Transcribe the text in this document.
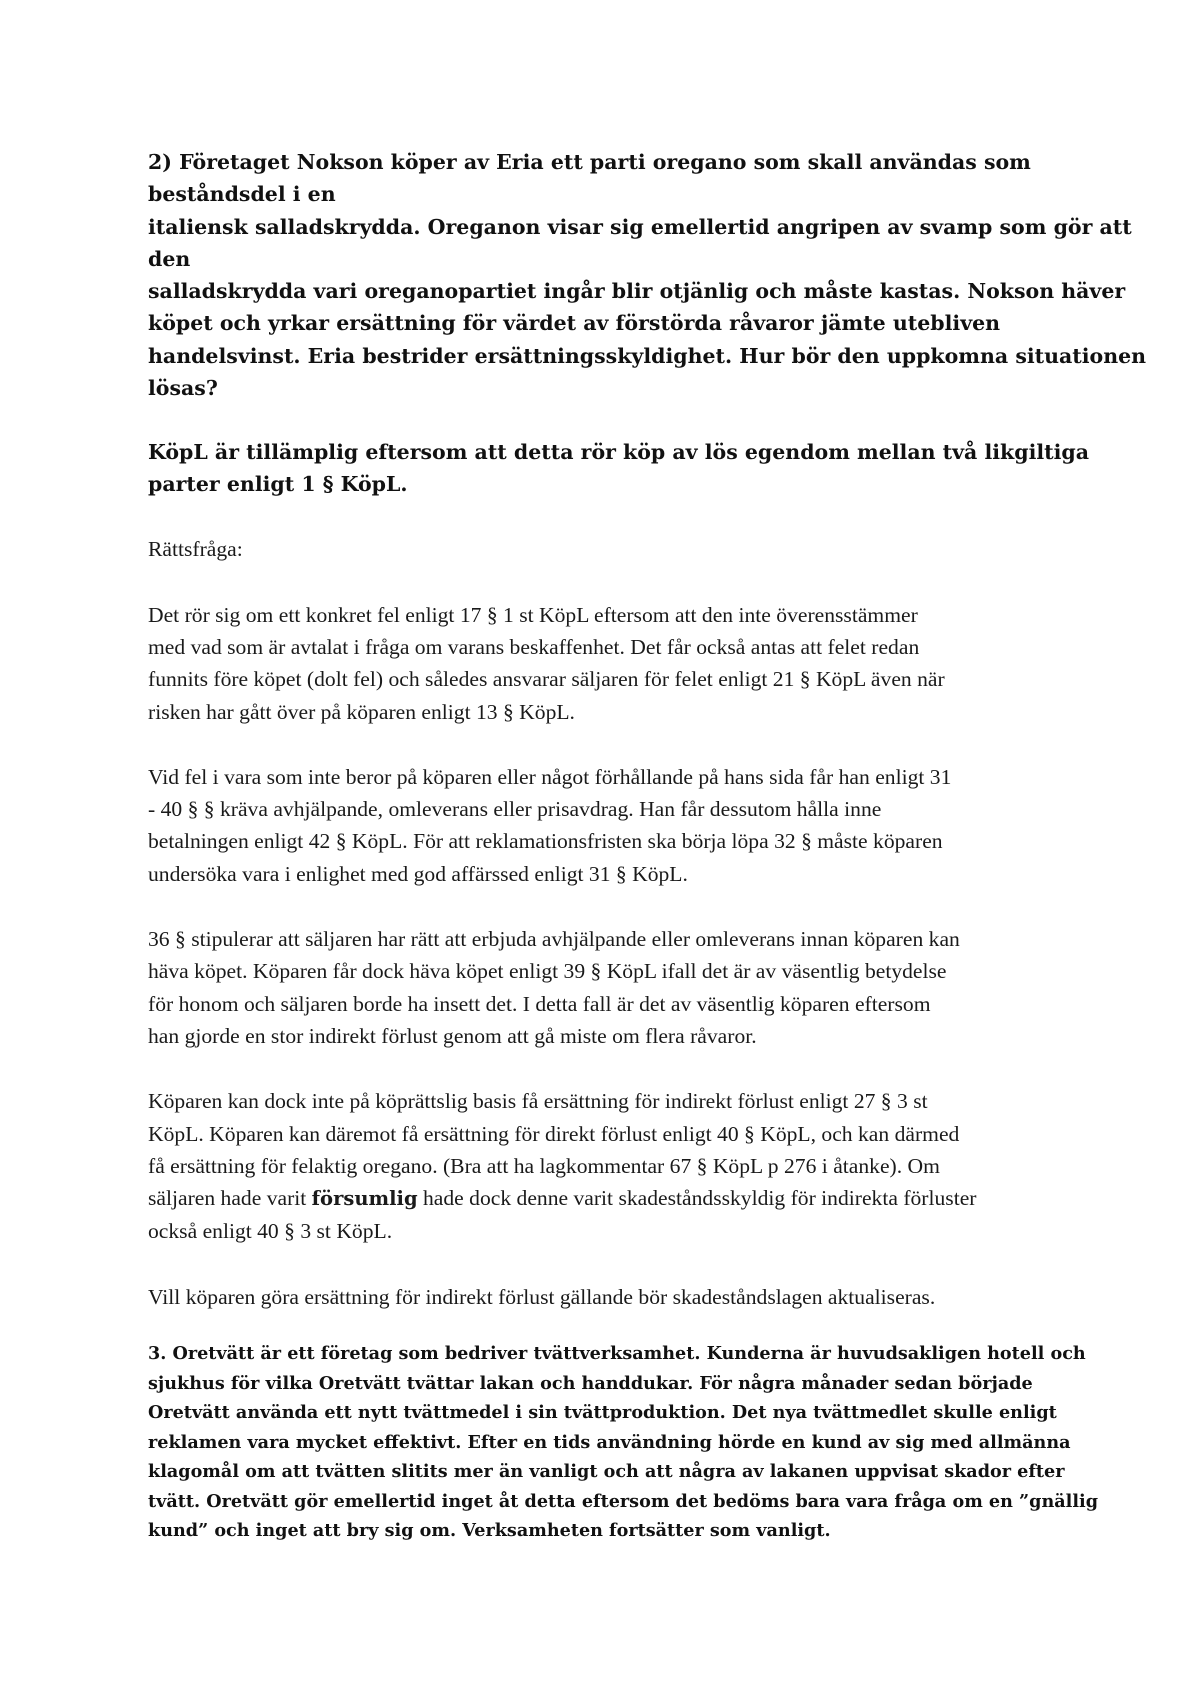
2) Företaget Nokson köper av Eria ett parti oregano som skall användas som
beståndsdel i en
italiensk salladskrydda. Oreganon visar sig emellertid angripen av svamp som gör att
den
salladskrydda vari oreganopartiet ingår blir otjänlig och måste kastas. Nokson häver
köpet och yrkar ersättning för värdet av förstörda råvaror jämte utebliven
handelsvinst. Eria bestrider ersättningsskyldighet. Hur bör den uppkomna situationen
lösas?
KöpL är tillämplig eftersom att detta rör köp av lös egendom mellan två likgiltiga
parter enligt 1 § KöpL.
Rättsfråga:
Det rör sig om ett konkret fel enligt 17 § 1 st KöpL eftersom att den inte överensstämmer
med vad som är avtalat i fråga om varans beskaffenhet. Det får också antas att felet redan
funnits före köpet (dolt fel) och således ansvarar säljaren för felet enligt 21 § KöpL även när
risken har gått över på köparen enligt 13 § KöpL.
Vid fel i vara som inte beror på köparen eller något förhållande på hans sida får han enligt 31
- 40 § § kräva avhjälpande, omleverans eller prisavdrag. Han får dessutom hålla inne
betalningen enligt 42 § KöpL. För att reklamationsfristen ska börja löpa 32 § måste köparen
undersöka vara i enlighet med god affärssed enligt 31 § KöpL.
36 § stipulerar att säljaren har rätt att erbjuda avhjälpande eller omleverans innan köparen kan
häva köpet. Köparen får dock häva köpet enligt 39 § KöpL ifall det är av väsentlig betydelse
för honom och säljaren borde ha insett det. I detta fall är det av väsentlig köparen eftersom
han gjorde en stor indirekt förlust genom att gå miste om flera råvaror.
Köparen kan dock inte på köprättslig basis få ersättning för indirekt förlust enligt 27 § 3 st
KöpL. Köparen kan däremot få ersättning för direkt förlust enligt 40 § KöpL, och kan därmed
få ersättning för felaktig oregano. (Bra att ha lagkommentar 67 § KöpL p 276 i åtanke). Om
säljaren hade varit försumlig hade dock denne varit skadeståndsskyldig för indirekta förluster
också enligt 40 § 3 st KöpL.
Vill köparen göra ersättning för indirekt förlust gällande bör skadeståndslagen aktualiseras.
3. Oretvätt är ett företag som bedriver tvättverksamhet. Kunderna är huvudsakligen hotell och
sjukhus för vilka Oretvätt tvättar lakan och handdukar. För några månader sedan började
Oretvätt använda ett nytt tvättmedel i sin tvättproduktion. Det nya tvättmedlet skulle enligt
reklamen vara mycket effektivt. Efter en tids användning hörde en kund av sig med allmänna
klagomål om att tvätten slitits mer än vanligt och att några av lakanen uppvisat skador efter
tvätt. Oretvätt gör emellertid inget åt detta eftersom det bedöms bara vara fråga om en ”gnällig
kund” och inget att bry sig om. Verksamheten fortsätter som vanligt.
